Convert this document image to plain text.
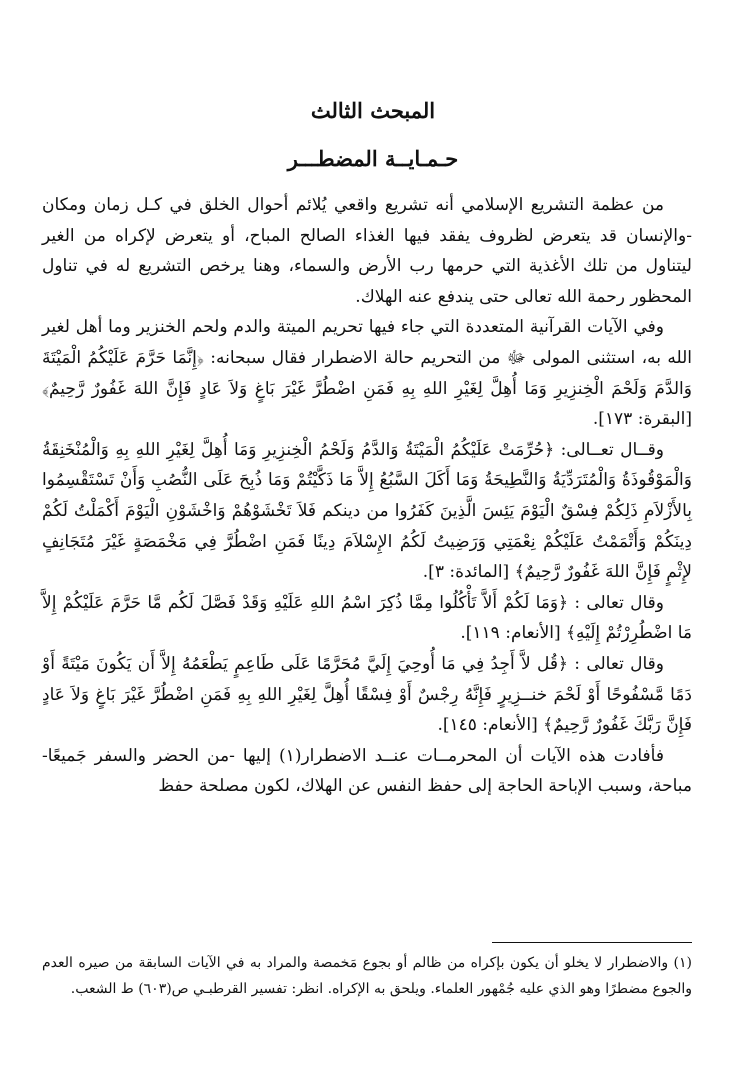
المبحث الثالث
حـمـايــة المضطـــر

من عظمة التشريع الإسلامي أنه تشريع واقعي يُلائم أحوال الخلق في كـل زمان ومكان -والإنسان قد يتعرض لظروف يفقد فيها الغذاء الصالح المباح، أو يتعرض لإكراه من الغير ليتناول من تلك الأغذية التي حرمها رب الأرض والسماء، وهنا يرخص التشريع له في تناول المحظور رحمة الله تعالى حتى يندفع عنه الهلاك.

وفي الآيات القرآنية المتعددة التي جاء فيها تحريم الميتة والدم ولحم الخنزير وما أهل لغير الله به، استثنى المولى ﷻ من التحريم حالة الاضطرار فقال سبحانه: ﴿إِنَّمَا حَرَّمَ عَلَيْكُمُ الْمَيْتَةَ وَالدَّمَ وَلَحْمَ الْخِنزِيرِ وَمَا أُهِلَّ لِغَيْرِ اللهِ بِهِ فَمَنِ اضْطُرَّ غَيْرَ بَاغٍ وَلاَ عَادٍ فَإِنَّ اللهَ غَفُورٌ رَّحِيمٌ﴾ [البقرة: ١٧٣].

وقــال تعــالى: ﴿حُرِّمَتْ عَلَيْكُمُ الْمَيْتَةُ وَالدَّمُ وَلَحْمُ الْخِنزِيرِ وَمَا أُهِلَّ لِغَيْرِ اللهِ بِهِ وَالْمُنْخَنِقَةُ وَالْمَوْقُوذَةُ وَالْمُتَرَدِّيَةُ وَالنَّطِيحَةُ وَمَا أَكَلَ السَّبُعُ إِلاَّ مَا ذَكَّيْتُمْ وَمَا ذُبِحَ عَلَى النُّصُبِ وَأَنْ تَسْتَقْسِمُوا بِالأَزْلاَمِ ذَلِكُمْ فِسْقٌ الْيَوْمَ يَئِسَ الَّذِينَ كَفَرُوا من دينكم فَلاَ تَخْشَوْهُمْ وَاخْشَوْنِ الْيَوْمَ أَكْمَلْتُ لَكُمْ دِينَكُمْ وَأَتْمَمْتُ عَلَيْكُمْ نِعْمَتِي وَرَضِيتُ لَكُمُ الإِسْلاَمَ دِينًا فَمَنِ اضْطُرَّ فِي مَخْمَصَةٍ غَيْرَ مُتَجَانِفٍ لإِثْمٍ فَإِنَّ اللهَ غَفُورٌ رَّحِيمٌ﴾ [المائدة: ٣].

وقال تعالى : ﴿وَمَا لَكُمْ أَلاَّ تَأْكُلُوا مِمَّا ذُكِرَ اسْمُ اللهِ عَلَيْهِ وَقَدْ فَصَّلَ لَكُم مَّا حَرَّمَ عَلَيْكُمْ إِلاَّ مَا اضْطُرِرْتُمْ إِلَيْهِ﴾ [الأنعام: ١١٩].

وقال تعالى : ﴿قُل لاَّ أَجِدُ فِي مَا أُوحِيَ إِلَيَّ مُحَرَّمًا عَلَى طَاعِمٍ يَطْعَمُهُ إِلاَّ أَن يَكُونَ مَيْتَةً أَوْ دَمًا مَّسْفُوحًا أَوْ لَحْمَ خنــزِيرٍ فَإِنَّهُ رِجْسٌ أَوْ فِسْقًا أُهِلَّ لِغَيْرِ اللهِ بِهِ فَمَنِ اضْطُرَّ غَيْرَ بَاغٍ وَلاَ عَادٍ فَإِنَّ رَبَّكَ غَفُورٌ رَّحِيمٌ﴾ [الأنعام: ١٤٥].

فأفادت هذه الآيات أن المحرمــات عنــد الاضطرار(١) إليها -من الحضر والسفر جَميعًا- مباحة، وسبب الإباحة الحاجة إلى حفظ النفس عن الهلاك، لكون مصلحة حفظ

(١) والاضطرار لا يخلو أن يكون بإكراه من ظالم أو بجوع مَخمصة والمراد به في الآيات السابقة من صيره العدم والجوع مضطرًا وهو الذي عليه جُمْهور العلماء. ويلحق به الإكراه. انظر: تفسير القرطبـي ص(٦٠٣) ط الشعب.
